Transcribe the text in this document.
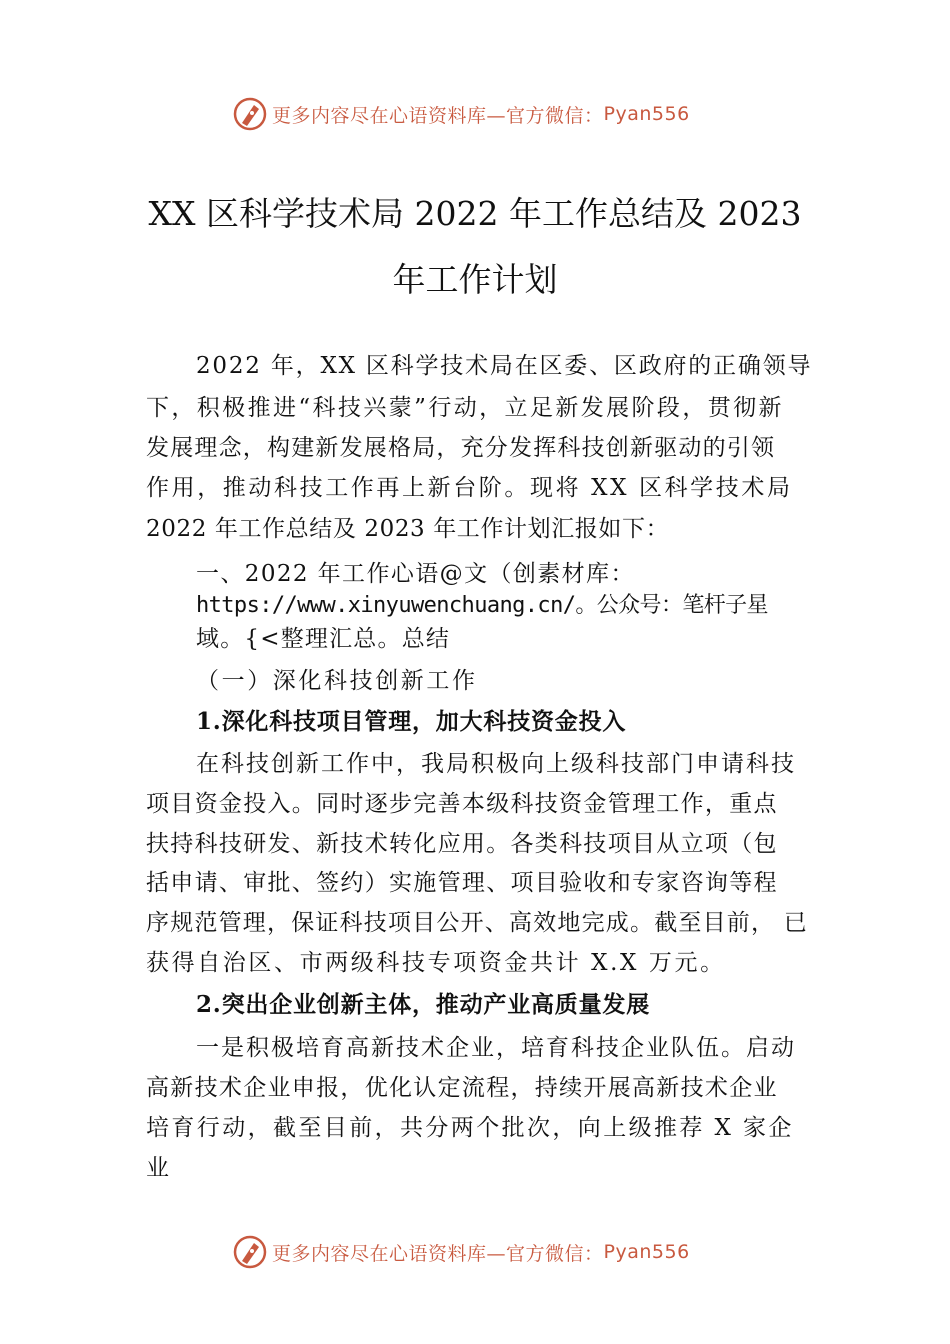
更多内容尽在心语资料库—官方微信： Pyan556
XX 区科学技术局 2022 年工作总结及 2023
年工作计划
2022 年，XX 区科学技术局在区委、区政府的正确领导
下，积极推进“科技兴蒙”行动，立足新发展阶段，贯彻新
发展理念，构建新发展格局，充分发挥科技创新驱动的引领
作用，推动科技工作再上新台阶。现将 XX 区科学技术局
2022 年工作总结及 2023 年工作计划汇报如下：
一、2022 年工作心语@文（创素材库：
https://www.xinyuwenchuang.cn/。公众号：笔杆子星
域。{<整理汇总。总结
（一）深化科技创新工作
1.深化科技项目管理，加大科技资金投入
在科技创新工作中，我局积极向上级科技部门申请科技
项目资金投入。同时逐步完善本级科技资金管理工作，重点
扶持科技研发、新技术转化应用。各类科技项目从立项（包
括申请、审批、签约）实施管理、项目验收和专家咨询等程
序规范管理，保证科技项目公开、高效地完成。截至目前， 已
获得自治区、市两级科技专项资金共计 X.X 万元。
2.突出企业创新主体，推动产业高质量发展
一是积极培育高新技术企业，培育科技企业队伍。启动
高新技术企业申报，优化认定流程，持续开展高新技术企业
培育行动，截至目前，共分两个批次，向上级推荐 X 家企
业
更多内容尽在心语资料库—官方微信： Pyan556
